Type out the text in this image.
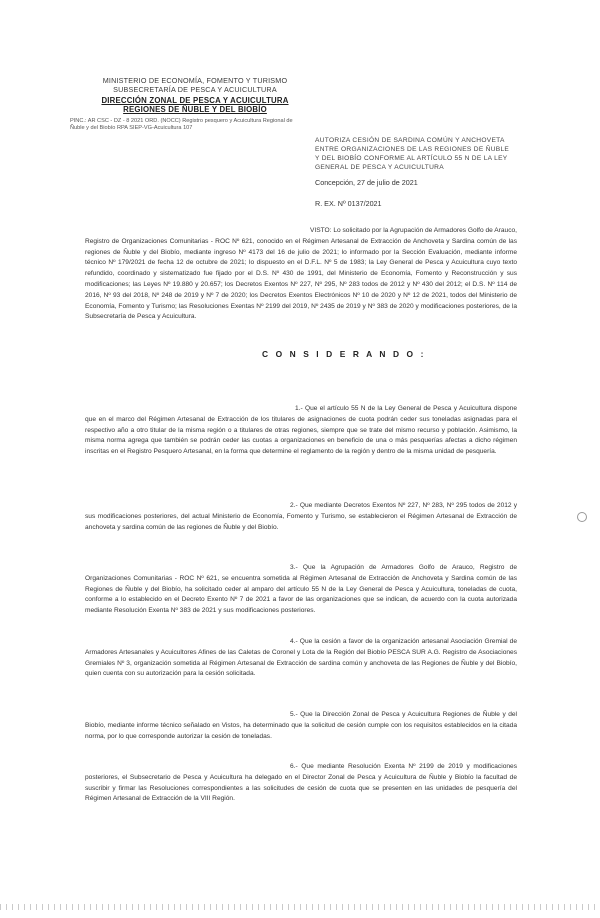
MINISTERIO DE ECONOMÍA, FOMENTO Y TURISMO
SUBSECRETARÍA DE PESCA Y ACUICULTURA
DIRECCIÓN ZONAL DE PESCA Y ACUICULTURA
REGIONES DE ÑUBLE Y DEL BIOBÍO
PINC.: AR CSC - DZ - 8 2021 ORD. (NOCC) Registro pesquero y Acuicultura Regional de Ñuble y del Biobío RPA SIEP-VG-Acuicultura 107
AUTORIZA CESIÓN DE SARDINA COMÚN Y ANCHOVETA ENTRE ORGANIZACIONES DE LAS REGIONES DE ÑUBLE Y DEL BIOBÍO CONFORME AL ARTÍCULO 55 N DE LA LEY GENERAL DE PESCA Y ACUICULTURA
Concepción, 27 de julio de 2021
R. EX. Nº 0137/2021
VISTO: Lo solicitado por la Agrupación de Armadores Golfo de Arauco, Registro de Organizaciones Comunitarias - ROC Nº 621, conocido en el Régimen Artesanal de Extracción de Anchoveta y Sardina común de las regiones de Ñuble y del Biobío, mediante ingreso Nº 4173 del 16 de julio de 2021; lo informado por la Sección Evaluación, mediante informe técnico Nº 179/2021 de fecha 12 de octubre de 2021; lo dispuesto en el D.F.L. Nº 5 de 1983; la Ley General de Pesca y Acuicultura cuyo texto refundido, coordinado y sistematizado fue fijado por el D.S. Nº 430 de 1991, del Ministerio de Economía, Fomento y Reconstrucción y sus modificaciones; las Leyes Nº 19.880 y 20.657; los Decretos Exentos Nº 227, Nº 295, Nº 283 todos de 2012 y Nº 430 del 2012; el D.S. Nº 114 de 2016, Nº 93 del 2018, Nº 248 de 2019 y Nº 7 de 2020; los Decretos Exentos Electrónicos Nº 10 de 2020 y Nº 12 de 2021, todos del Ministerio de Economía, Fomento y Turismo; las Resoluciones Exentas Nº 2199 del 2019, Nº 2435 de 2019 y Nº 383 de 2020 y modificaciones posteriores, de la Subsecretaría de Pesca y Acuicultura.
C O N S I D E R A N D O :
1.- Que el artículo 55 N de la Ley General de Pesca y Acuicultura dispone que en el marco del Régimen Artesanal de Extracción de los titulares de asignaciones de cuota podrán ceder sus toneladas asignadas para el respectivo año a otro titular de la misma región o a titulares de otras regiones, siempre que se trate del mismo recurso y población. Asimismo, la misma norma agrega que también se podrán ceder las cuotas a organizaciones en beneficio de una o más pesquerías afectas a dicho régimen inscritas en el Registro Pesquero Artesanal, en la forma que determine el reglamento de la región y dentro de la misma unidad de pesquería.
2.- Que mediante Decretos Exentos Nº 227, Nº 283, Nº 295 todos de 2012 y sus modificaciones posteriores, del actual Ministerio de Economía, Fomento y Turismo, se establecieron el Régimen Artesanal de Extracción de anchoveta y sardina común de las regiones de Ñuble y del Biobío.
3.- Que la Agrupación de Armadores Golfo de Arauco, Registro de Organizaciones Comunitarias - ROC Nº 621, se encuentra sometida al Régimen Artesanal de Extracción de Anchoveta y Sardina común de las Regiones de Ñuble y del Biobío, ha solicitado ceder al amparo del artículo 55 N de la Ley General de Pesca y Acuicultura, toneladas de cuota, conforme a lo establecido en el Decreto Exento Nº 7 de 2021 a favor de las organizaciones que se indican, de acuerdo con la cuota autorizada mediante Resolución Exenta Nº 383 de 2021 y sus modificaciones posteriores.
4.- Que la cesión a favor de la organización artesanal Asociación Gremial de Armadores Artesanales y Acuicultores Afines de las Caletas de Coronel y Lota de la Región del Biobío PESCA SUR A.G. Registro de Asociaciones Gremiales Nº 3, organización sometida al Régimen Artesanal de Extracción de sardina común y anchoveta de las Regiones de Ñuble y del Biobío, quien cuenta con su autorización para la cesión solicitada.
5.- Que la Dirección Zonal de Pesca y Acuicultura Regiones de Ñuble y del Biobío, mediante informe técnico señalado en Vistos, ha determinado que la solicitud de cesión cumple con los requisitos establecidos en la citada norma, por lo que corresponde autorizar la cesión de toneladas.
6.- Que mediante Resolución Exenta Nº 2199 de 2019 y modificaciones posteriores, el Subsecretario de Pesca y Acuicultura ha delegado en el Director Zonal de Pesca y Acuicultura de Ñuble y Biobío la facultad de suscribir y firmar las Resoluciones correspondientes a las solicitudes de cesión de cuota que se presenten en las unidades de pesquería del Régimen Artesanal de Extracción de la VIII Región.
